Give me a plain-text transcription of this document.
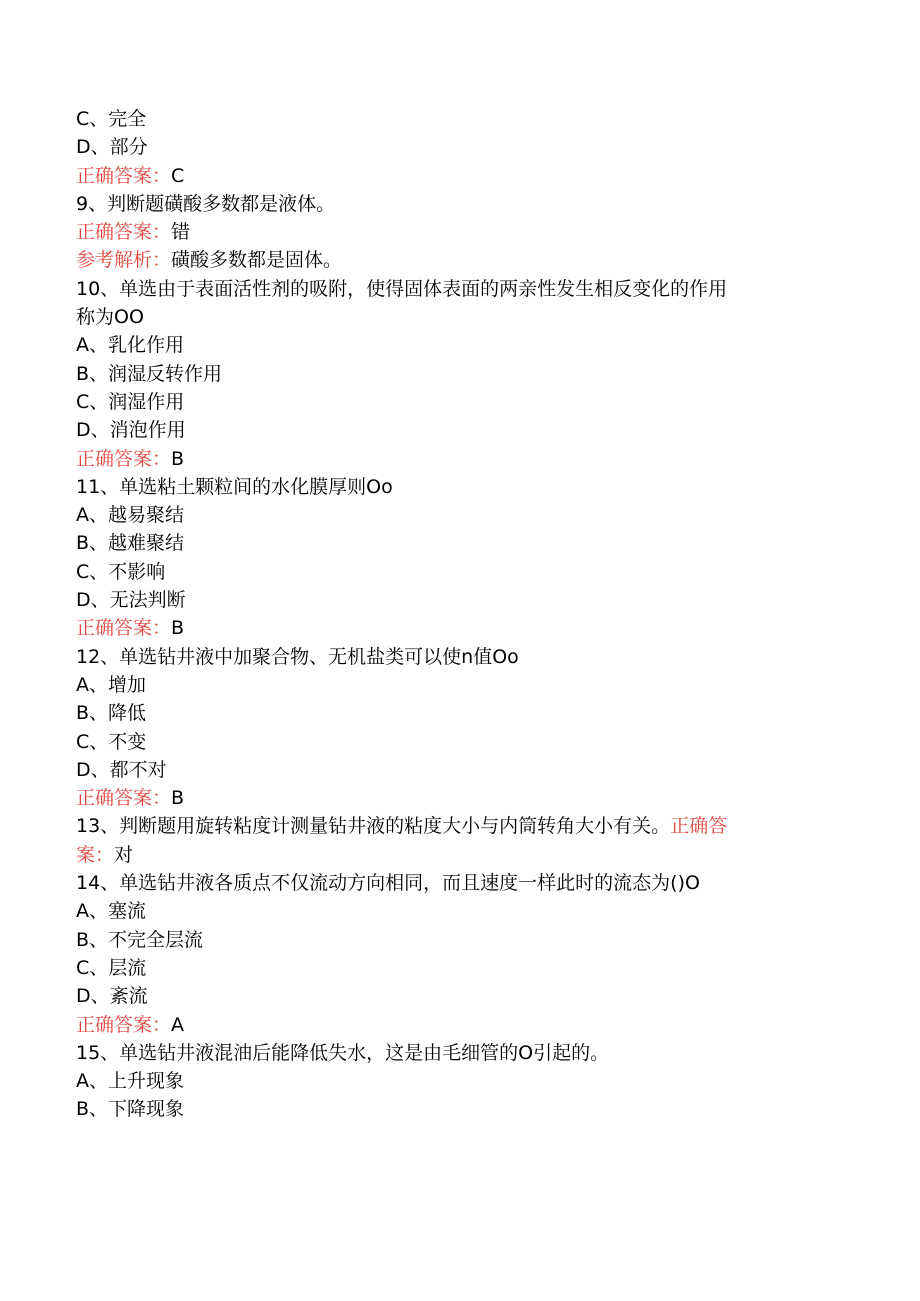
C、完全
D、部分
正确答案：C
9、判断题磺酸多数都是液体。
正确答案：错
参考解析：磺酸多数都是固体。
10、单选由于表面活性剂的吸附，使得固体表面的两亲性发生相反变化的作用
称为OO
A、乳化作用
B、润湿反转作用
C、润湿作用
D、消泡作用
正确答案：B
11、单选粘土颗粒间的水化膜厚则Oo
A、越易聚结
B、越难聚结
C、不影响
D、无法判断
正确答案：B
12、单选钻井液中加聚合物、无机盐类可以使n值Oo
A、增加
B、降低
C、不变
D、都不对
正确答案：B
13、判断题用旋转粘度计测量钻井液的粘度大小与内筒转角大小有关。正确答
案：对
14、单选钻井液各质点不仅流动方向相同，而且速度一样此时的流态为()O
A、塞流
B、不完全层流
C、层流
D、紊流
正确答案：A
15、单选钻井液混油后能降低失水，这是由毛细管的O引起的。
A、上升现象
B、下降现象
